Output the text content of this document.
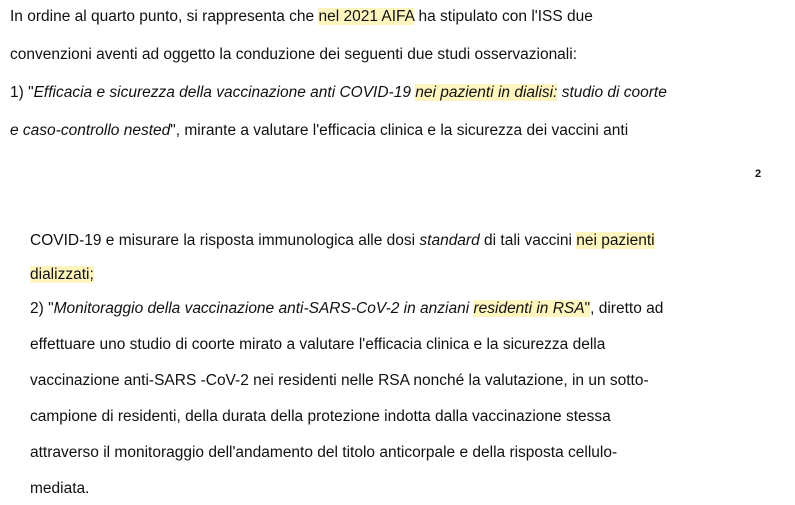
In ordine al quarto punto, si rappresenta che nel 2021 AIFA ha stipulato con l'ISS due
convenzioni aventi ad oggetto la conduzione dei seguenti due studi osservazionali:
1) "Efficacia e sicurezza della vaccinazione anti COVID-19 nei pazienti in dialisi: studio di coorte
e caso-controllo nested", mirante a valutare l'efficacia clinica e la sicurezza dei vaccini anti
2
COVID-19 e misurare la risposta immunologica alle dosi standard di tali vaccini nei pazienti
dializzati;
2) "Monitoraggio della vaccinazione anti-SARS-CoV-2 in anziani residenti in RSA", diretto ad
effettuare uno studio di coorte mirato a valutare l'efficacia clinica e la sicurezza della
vaccinazione anti-SARS -CoV-2 nei residenti nelle RSA nonché la valutazione, in un sotto-
campione di residenti, della durata della protezione indotta dalla vaccinazione stessa
attraverso il monitoraggio dell'andamento del titolo anticorpale e della risposta cellulo-
mediata.
